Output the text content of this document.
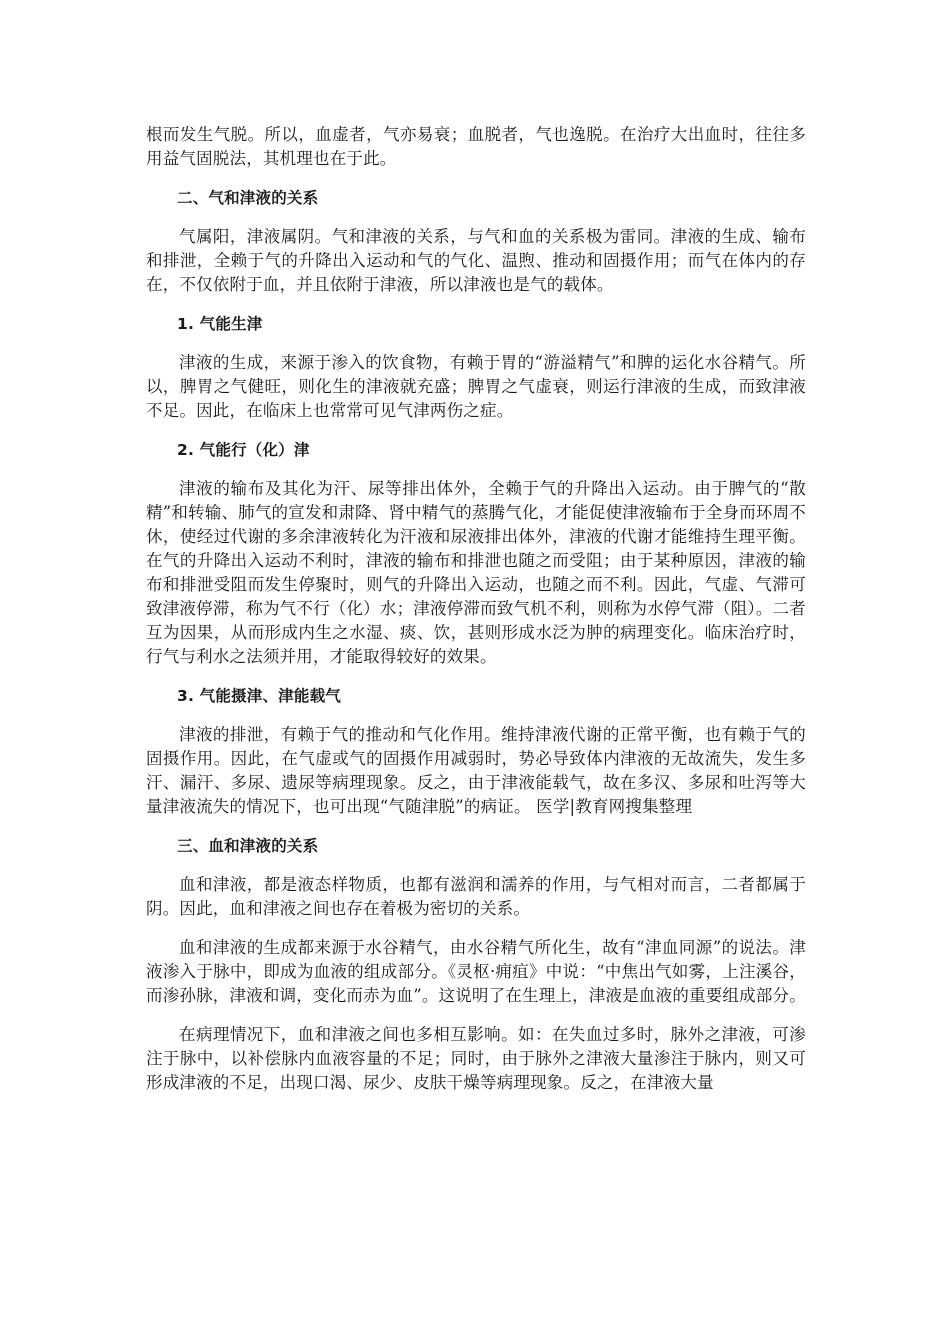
根而发生气脱。所以，血虚者，气亦易衰；血脱者，气也逸脱。在治疗大出血时，往往多用益气固脱法，其机理也在于此。

二、气和津液的关系

气属阳，津液属阴。气和津液的关系，与气和血的关系极为雷同。津液的生成、输布和排泄，全赖于气的升降出入运动和气的气化、温煦、推动和固摄作用；而气在体内的存在，不仅依附于血，并且依附于津液，所以津液也是气的载体。

1. 气能生津

津液的生成，来源于渗入的饮食物，有赖于胃的“游溢精气”和脾的运化水谷精气。所以，脾胃之气健旺，则化生的津液就充盛；脾胃之气虚衰，则运行津液的生成，而致津液不足。因此，在临床上也常常可见气津两伤之症。

2. 气能行（化）津

津液的输布及其化为汗、尿等排出体外，全赖于气的升降出入运动。由于脾气的“散精”和转输、肺气的宣发和肃降、肾中精气的蒸腾气化，才能促使津液输布于全身而环周不休，使经过代谢的多余津液转化为汗液和尿液排出体外，津液的代谢才能维持生理平衡。在气的升降出入运动不利时，津液的输布和排泄也随之而受阻；由于某种原因，津液的输布和排泄受阻而发生停聚时，则气的升降出入运动，也随之而不利。因此，气虚、气滞可致津液停滞，称为气不行（化）水；津液停滞而致气机不利，则称为水停气滞（阻）。二者互为因果，从而形成内生之水湿、痰、饮，甚则形成水泛为肿的病理变化。临床治疗时，行气与利水之法须并用，才能取得较好的效果。

3. 气能摄津、津能载气

津液的排泄，有赖于气的推动和气化作用。维持津液代谢的正常平衡，也有赖于气的固摄作用。因此，在气虚或气的固摄作用减弱时，势必导致体内津液的无故流失，发生多汗、漏汗、多尿、遗尿等病理现象。反之，由于津液能载气，故在多汉、多尿和吐泻等大量津液流失的情况下，也可出现“气随津脱”的病证。 医学|教育网搜集整理

三、血和津液的关系

血和津液，都是液态样物质，也都有滋润和濡养的作用，与气相对而言，二者都属于阴。因此，血和津液之间也存在着极为密切的关系。

血和津液的生成都来源于水谷精气，由水谷精气所化生，故有“津血同源”的说法。津液渗入于脉中，即成为血液的组成部分。《灵枢·痈疽》中说：“中焦出气如雾，上注溪谷，而渗孙脉，津液和调，变化而赤为血”。这说明了在生理上，津液是血液的重要组成部分。

在病理情况下，血和津液之间也多相互影响。如：在失血过多时，脉外之津液，可渗注于脉中，以补偿脉内血液容量的不足；同时，由于脉外之津液大量渗注于脉内，则又可形成津液的不足，出现口渴、尿少、皮肤干燥等病理现象。反之，在津液大量
